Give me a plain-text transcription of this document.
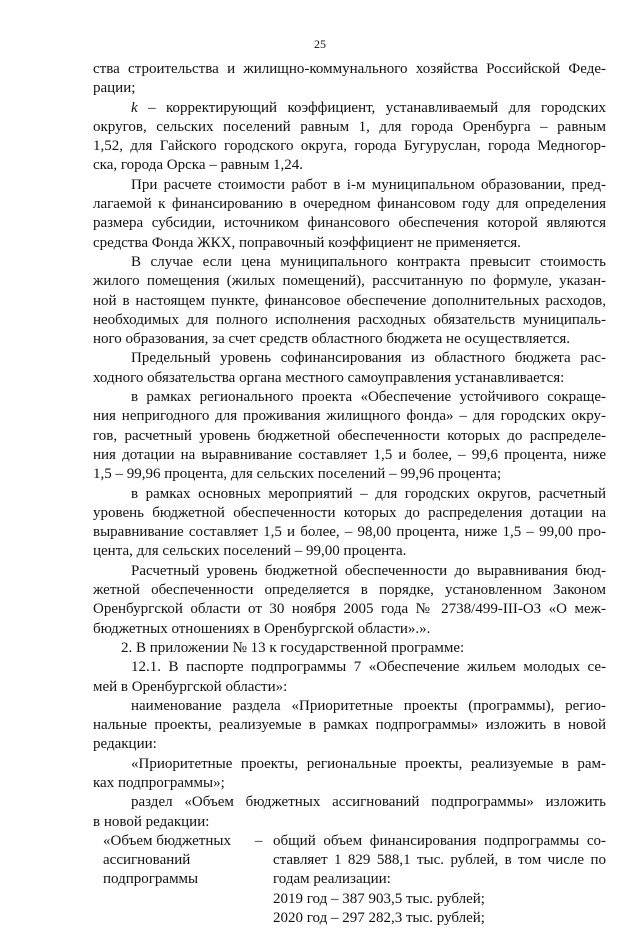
25
ства строительства и жилищно-коммунального хозяйства Российской Феде-
рации;
k – корректирующий коэффициент, устанавливаемый для городских
округов, сельских поселений равным 1, для города Оренбурга – равным
1,52, для Гайского городского округа, города Бугуруслан, города Медногор-
ска, города Орска – равным 1,24.
При расчете стоимости работ в i-м муниципальном образовании, пред-
лагаемой к финансированию в очередном финансовом году для определения
размера субсидии, источником финансового обеспечения которой являются
средства Фонда ЖКХ, поправочный коэффициент не применяется.
В случае если цена муниципального контракта превысит стоимость
жилого помещения (жилых помещений), рассчитанную по формуле, указан-
ной в настоящем пункте, финансовое обеспечение дополнительных расходов,
необходимых для полного исполнения расходных обязательств муниципаль-
ного образования, за счет средств областного бюджета не осуществляется.
Предельный уровень софинансирования из областного бюджета рас-
ходного обязательства органа местного самоуправления устанавливается:
в рамках регионального проекта «Обеспечение устойчивого сокраще-
ния непригодного для проживания жилищного фонда» – для городских окру-
гов, расчетный уровень бюджетной обеспеченности которых до распределе-
ния дотации на выравнивание составляет 1,5 и более, – 99,6 процента, ниже
1,5 – 99,96 процента, для сельских поселений – 99,96 процента;
в рамках основных мероприятий – для городских округов, расчетный
уровень бюджетной обеспеченности которых до распределения дотации на
выравнивание составляет 1,5 и более, – 98,00 процента, ниже 1,5 – 99,00 про-
цента, для сельских поселений – 99,00 процента.
Расчетный уровень бюджетной обеспеченности до выравнивания бюд-
жетной обеспеченности определяется в порядке, установленном Законом
Оренбургской области от 30 ноября 2005 года № 2738/499-III-ОЗ «О меж-
бюджетных отношениях в Оренбургской области».».
2. В приложении № 13 к государственной программе:
12.1. В паспорте подпрограммы 7 «Обеспечение жильем молодых се-
мей в Оренбургской области»:
наименование раздела «Приоритетные проекты (программы), регио-
нальные проекты, реализуемые в рамках подпрограммы» изложить в новой
редакции:
«Приоритетные проекты, региональные проекты, реализуемые в рам-
ках подпрограммы»;
раздел «Объем бюджетных ассигнований подпрограммы» изложить
в новой редакции:
«Объем бюджетных	– общий объем финансирования подпрограммы со-
ассигнований	ставляет 1 829 588,1 тыс. рублей, в том числе по
подпрограммы	годам реализации:
2019 год – 387 903,5 тыс. рублей;
2020 год – 297 282,3 тыс. рублей;
